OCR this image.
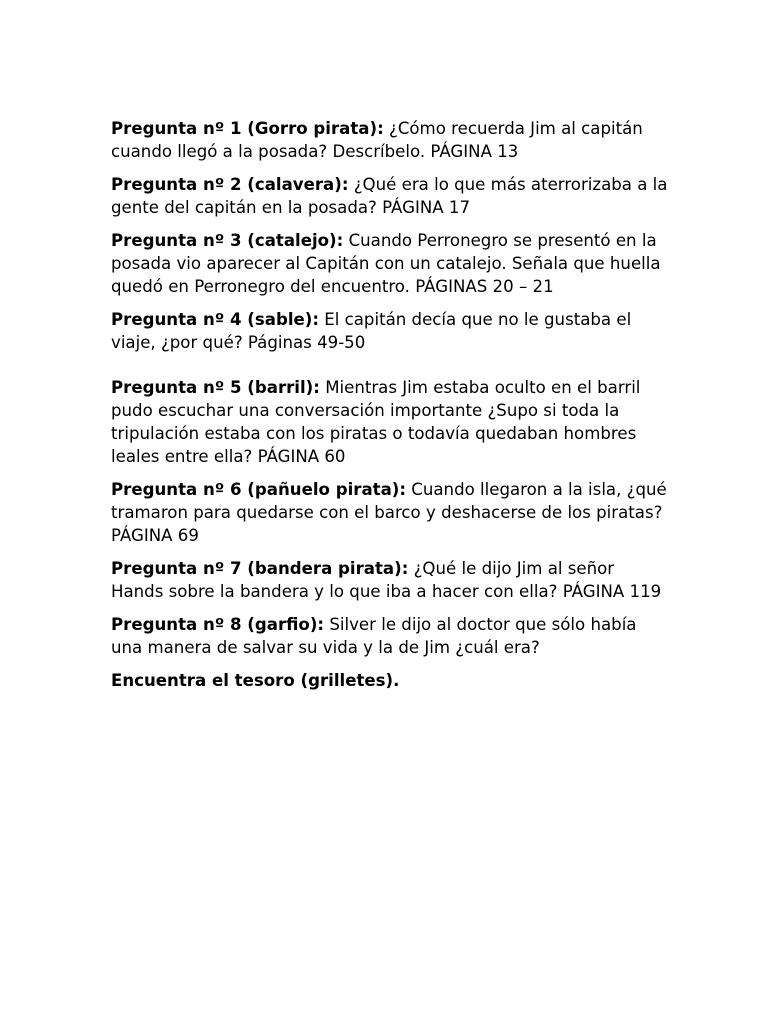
Pregunta nº 1 (Gorro pirata): ¿Cómo recuerda Jim al capitán cuando llegó a la posada? Descríbelo. PÁGINA 13

Pregunta nº 2 (calavera): ¿Qué era lo que más aterrorizaba a la gente del capitán en la posada? PÁGINA 17

Pregunta nº 3 (catalejo): Cuando Perronegro se presentó en la posada vio aparecer al Capitán con un catalejo. Señala que huella quedó en Perronegro del encuentro. PÁGINAS 20 – 21

Pregunta nº 4 (sable): El capitán decía que no le gustaba el viaje, ¿por qué? Páginas 49-50

Pregunta nº 5 (barril): Mientras Jim estaba oculto en el barril pudo escuchar una conversación importante ¿Supo si toda la tripulación estaba con los piratas o todavía quedaban hombres leales entre ella? PÁGINA 60

Pregunta nº 6 (pañuelo pirata): Cuando llegaron a la isla, ¿qué tramaron para quedarse con el barco y deshacerse de los piratas? PÁGINA 69

Pregunta nº 7 (bandera pirata): ¿Qué le dijo Jim al señor Hands sobre la bandera y lo que iba a hacer con ella? PÁGINA 119

Pregunta nº 8 (garfio): Silver le dijo al doctor que sólo había una manera de salvar su vida y la de Jim ¿cuál era?

Encuentra el tesoro (grilletes).
